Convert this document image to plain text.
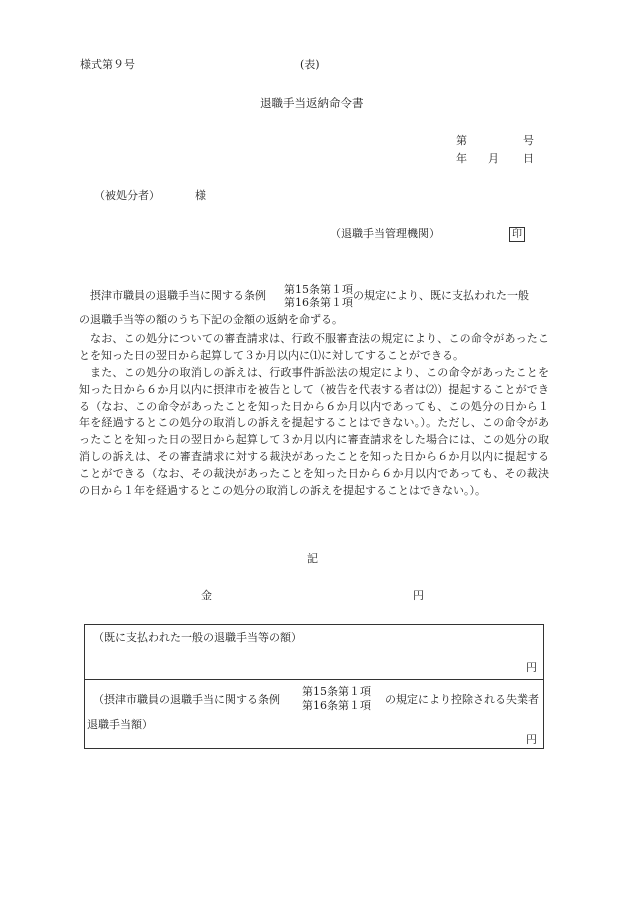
様式第９号	(表)
退職手当返納命令書
第	号
年 月 日
（被処分者）	様
（退職手当管理機関）	印
摂津市職員の退職手当に関する条例 第15条第１項
第16条第１項
の規定により、既に支払われた一般
の退職手当等の額のうち下記の金額の返納を命ずる。
なお、この処分についての審査請求は、行政不服審査法の規定により、この命令があったことを知った日の翌日から起算して３か月以内に⑴に対してすることができる。
また、この処分の取消しの訴えは、行政事件訴訟法の規定により、この命令があったことを知った日から６か月以内に摂津市を被告として（被告を代表する者は⑵）提起することができる（なお、この命令があったことを知った日から６か月以内であっても、この処分の日から１年を経過するとこの処分の取消しの訴えを提起することはできない。）。ただし、この命令があったことを知った日の翌日から起算して３か月以内に審査請求をした場合には、この処分の取消しの訴えは、その審査請求に対する裁決があったことを知った日から６か月以内に提起することができる（なお、その裁決があったことを知った日から６か月以内であっても、その裁決の日から１年を経過するとこの処分の取消しの訴えを提起することはできない。）。
記
金	円
（既に支払われた一般の退職手当等の額）
円
（摂津市職員の退職手当に関する条例
第15条第１項
第16条第１項 の規定により控除される失業者
退職手当額）
円
